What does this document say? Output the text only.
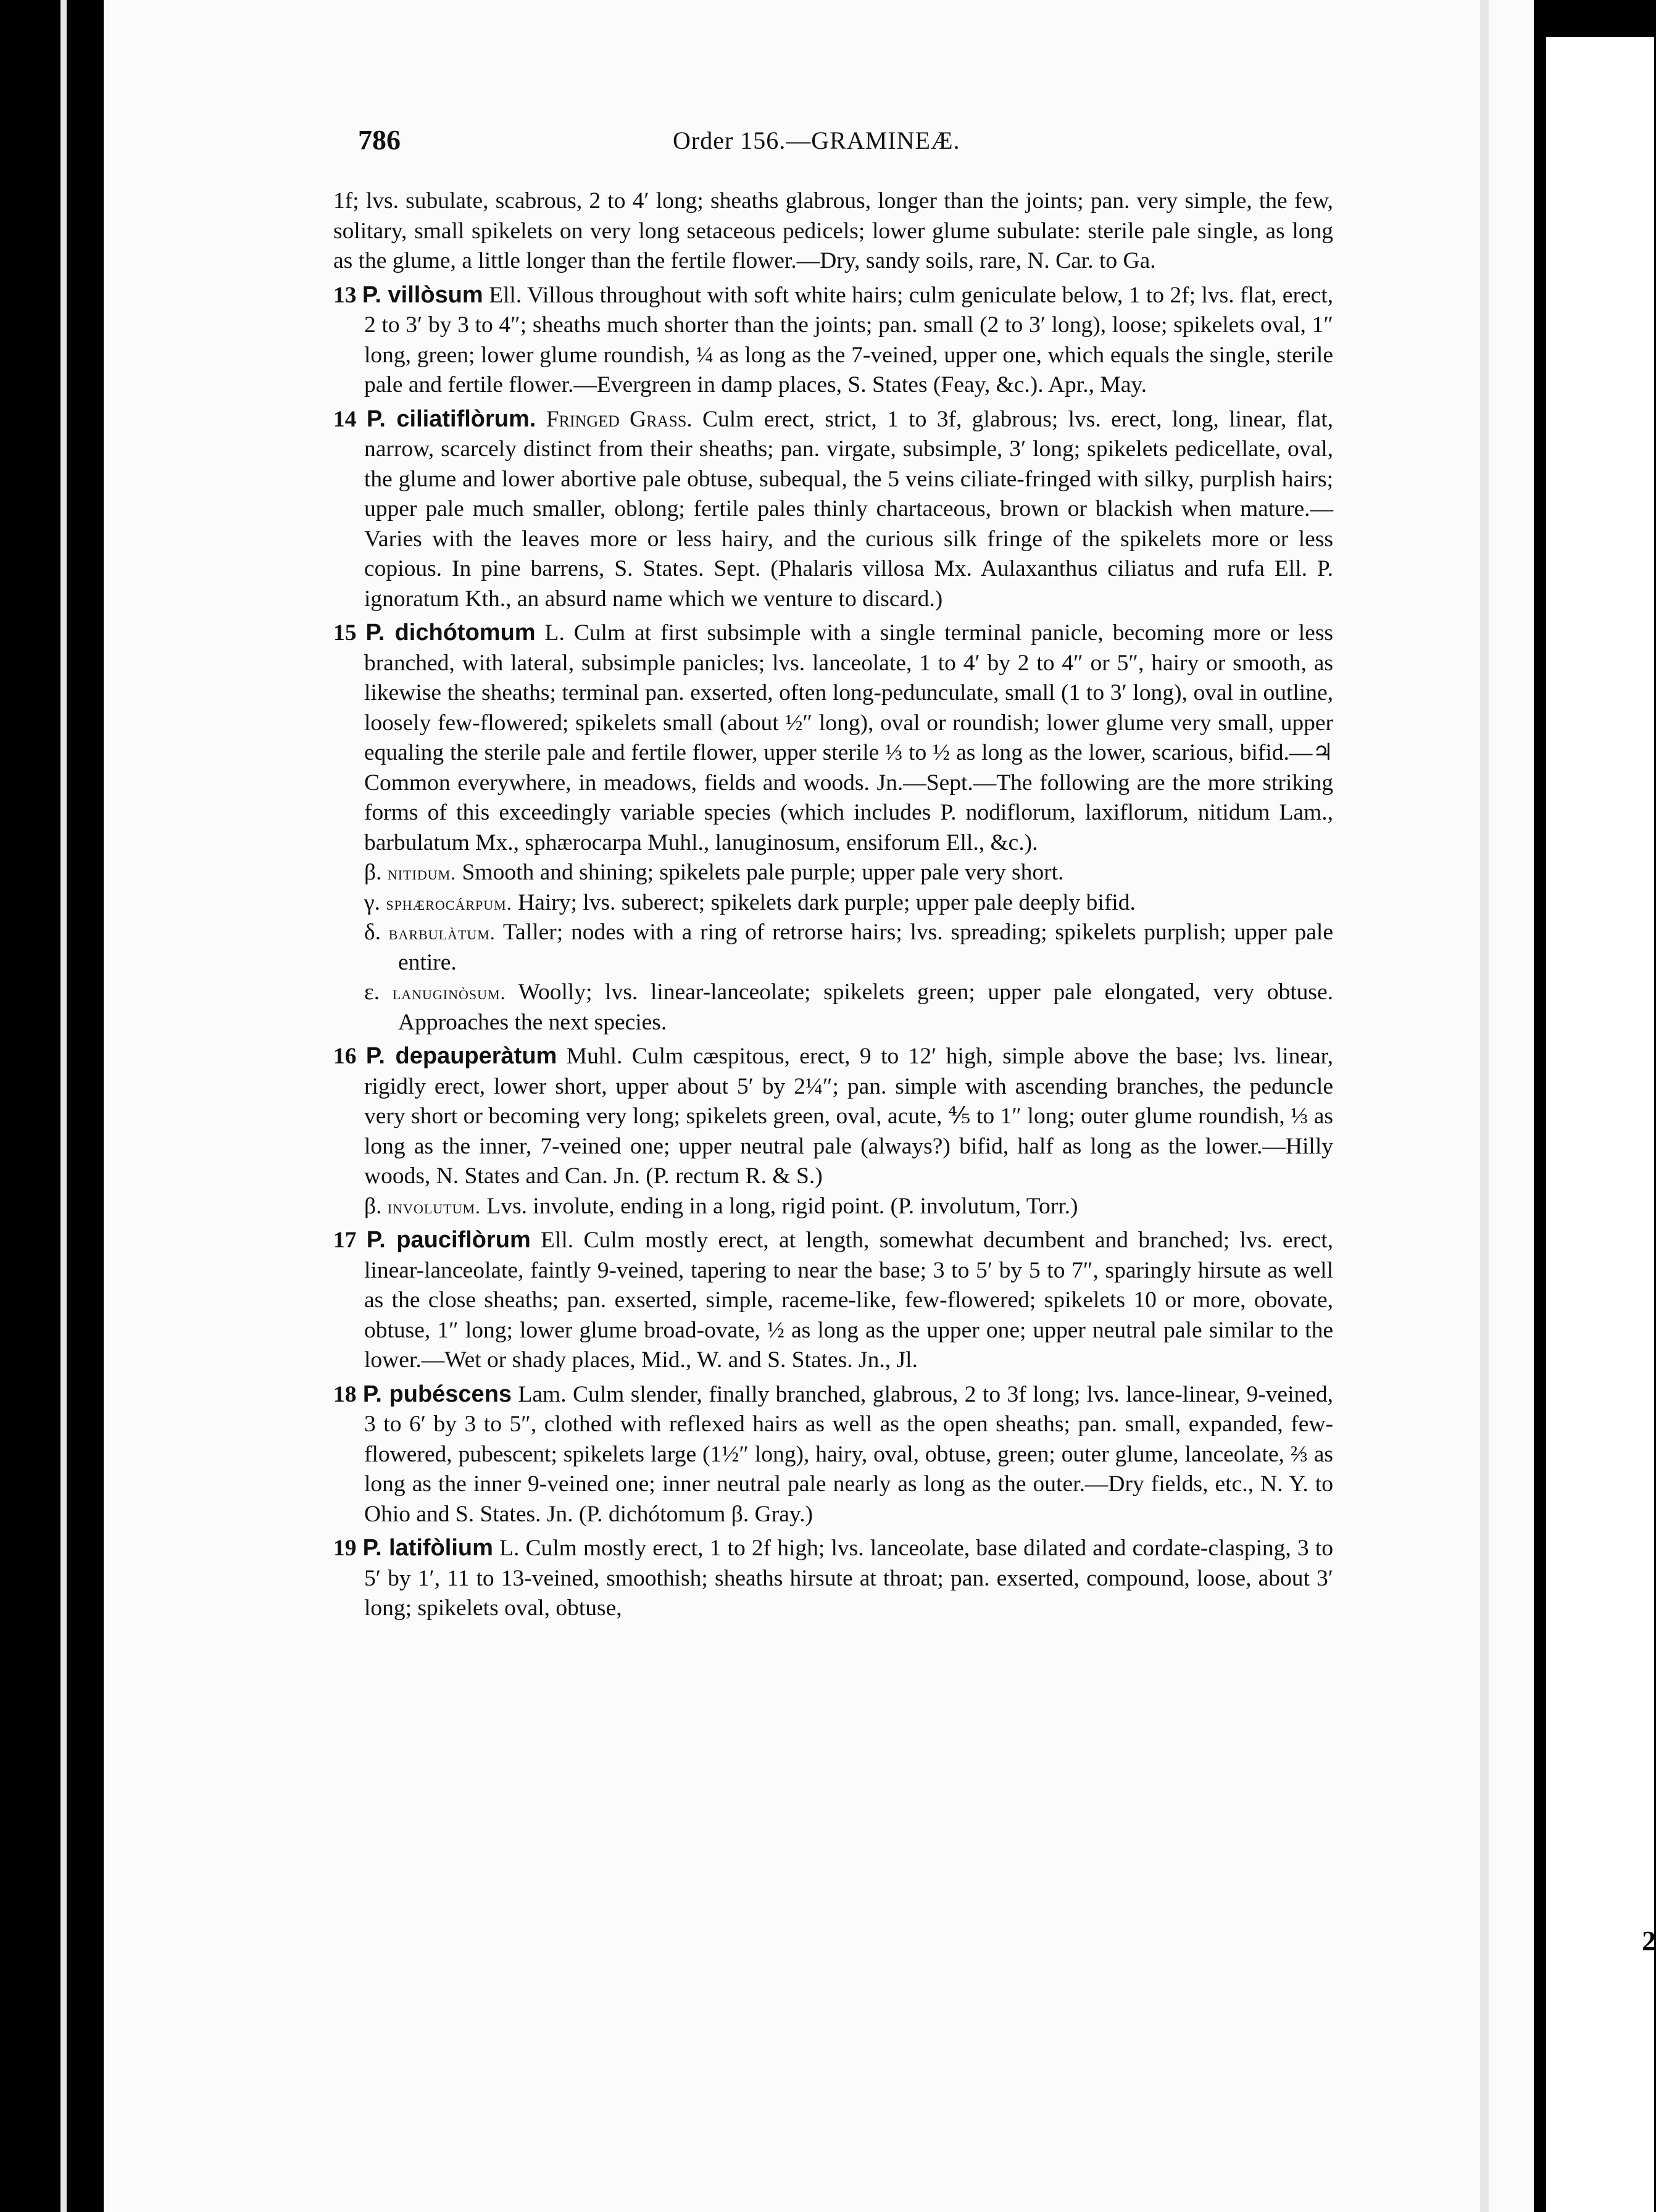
2
786	Order 156.—GRAMINEÆ.

1f; lvs. subulate, scabrous, 2 to 4′ long; sheaths glabrous, longer than the joints; pan. very simple, the few, solitary, small spikelets on very long setaceous pedicels; lower glume subulate: sterile pale single, as long as the glume, a little longer than the fertile flower.—Dry, sandy soils, rare, N. Car. to Ga.

13 P. villòsum Ell. Villous throughout with soft white hairs; culm geniculate below, 1 to 2f; lvs. flat, erect, 2 to 3′ by 3 to 4″; sheaths much shorter than the joints; pan. small (2 to 3′ long), loose; spikelets oval, 1″ long, green; lower glume roundish, ¼ as long as the 7-veined, upper one, which equals the single, sterile pale and fertile flower.—Evergreen in damp places, S. States (Feay, &c.). Apr., May.

14 P. ciliatiflòrum. Fringed Grass. Culm erect, strict, 1 to 3f, glabrous; lvs. erect, long, linear, flat, narrow, scarcely distinct from their sheaths; pan. virgate, subsimple, 3′ long; spikelets pedicellate, oval, the glume and lower abortive pale obtuse, subequal, the 5 veins ciliate-fringed with silky, purplish hairs; upper pale much smaller, oblong; fertile pales thinly chartaceous, brown or blackish when mature.—Varies with the leaves more or less hairy, and the curious silk fringe of the spikelets more or less copious. In pine barrens, S. States. Sept. (Phalaris villosa Mx. Aulaxanthus ciliatus and rufa Ell. P. ignoratum Kth., an absurd name which we venture to discard.)

15 P. dichótomum L. Culm at first subsimple with a single terminal panicle, becoming more or less branched, with lateral, subsimple panicles; lvs. lanceolate, 1 to 4′ by 2 to 4″ or 5″, hairy or smooth, as likewise the sheaths; terminal pan. exserted, often long-pedunculate, small (1 to 3′ long), oval in outline, loosely few-flowered; spikelets small (about ½″ long), oval or roundish; lower glume very small, upper equaling the sterile pale and fertile flower, upper sterile ⅓ to ½ as long as the lower, scarious, bifid.—♃ Common everywhere, in meadows, fields and woods. Jn.—Sept.—The following are the more striking forms of this exceedingly variable species (which includes P. nodiflorum, laxiflorum, nitidum Lam., barbulatum Mx., sphærocarpa Muhl., lanuginosum, ensiforum Ell., &c.).

β. nitidum. Smooth and shining; spikelets pale purple; upper pale very short.

γ. sphærocárpum. Hairy; lvs. suberect; spikelets dark purple; upper pale deeply bifid.

δ. barbulàtum. Taller; nodes with a ring of retrorse hairs; lvs. spreading; spikelets purplish; upper pale entire.

ε. lanuginòsum. Woolly; lvs. linear-lanceolate; spikelets green; upper pale elongated, very obtuse. Approaches the next species.

16 P. depauperàtum Muhl. Culm cæspitous, erect, 9 to 12′ high, simple above the base; lvs. linear, rigidly erect, lower short, upper about 5′ by 2¼″; pan. simple with ascending branches, the peduncle very short or becoming very long; spikelets green, oval, acute, ⅘ to 1″ long; outer glume roundish, ⅓ as long as the inner, 7-veined one; upper neutral pale (always?) bifid, half as long as the lower.—Hilly woods, N. States and Can. Jn. (P. rectum R. & S.)

β. involutum. Lvs. involute, ending in a long, rigid point. (P. involutum, Torr.)

17 P. pauciflòrum Ell. Culm mostly erect, at length, somewhat decumbent and branched; lvs. erect, linear-lanceolate, faintly 9-veined, tapering to near the base; 3 to 5′ by 5 to 7″, sparingly hirsute as well as the close sheaths; pan. exserted, simple, raceme-like, few-flowered; spikelets 10 or more, obovate, obtuse, 1″ long; lower glume broad-ovate, ½ as long as the upper one; upper neutral pale similar to the lower.—Wet or shady places, Mid., W. and S. States. Jn., Jl.

18 P. pubéscens Lam. Culm slender, finally branched, glabrous, 2 to 3f long; lvs. lance-linear, 9-veined, 3 to 6′ by 3 to 5″, clothed with reflexed hairs as well as the open sheaths; pan. small, expanded, few-flowered, pubescent; spikelets large (1½″ long), hairy, oval, obtuse, green; outer glume, lanceolate, ⅔ as long as the inner 9-veined one; inner neutral pale nearly as long as the outer.—Dry fields, etc., N. Y. to Ohio and S. States. Jn. (P. dichótomum β. Gray.)

19 P. latifòlium L. Culm mostly erect, 1 to 2f high; lvs. lanceolate, base dilated and cordate-clasping, 3 to 5′ by 1′, 11 to 13-veined, smoothish; sheaths hirsute at throat; pan. exserted, compound, loose, about 3′ long; spikelets oval, obtuse,
